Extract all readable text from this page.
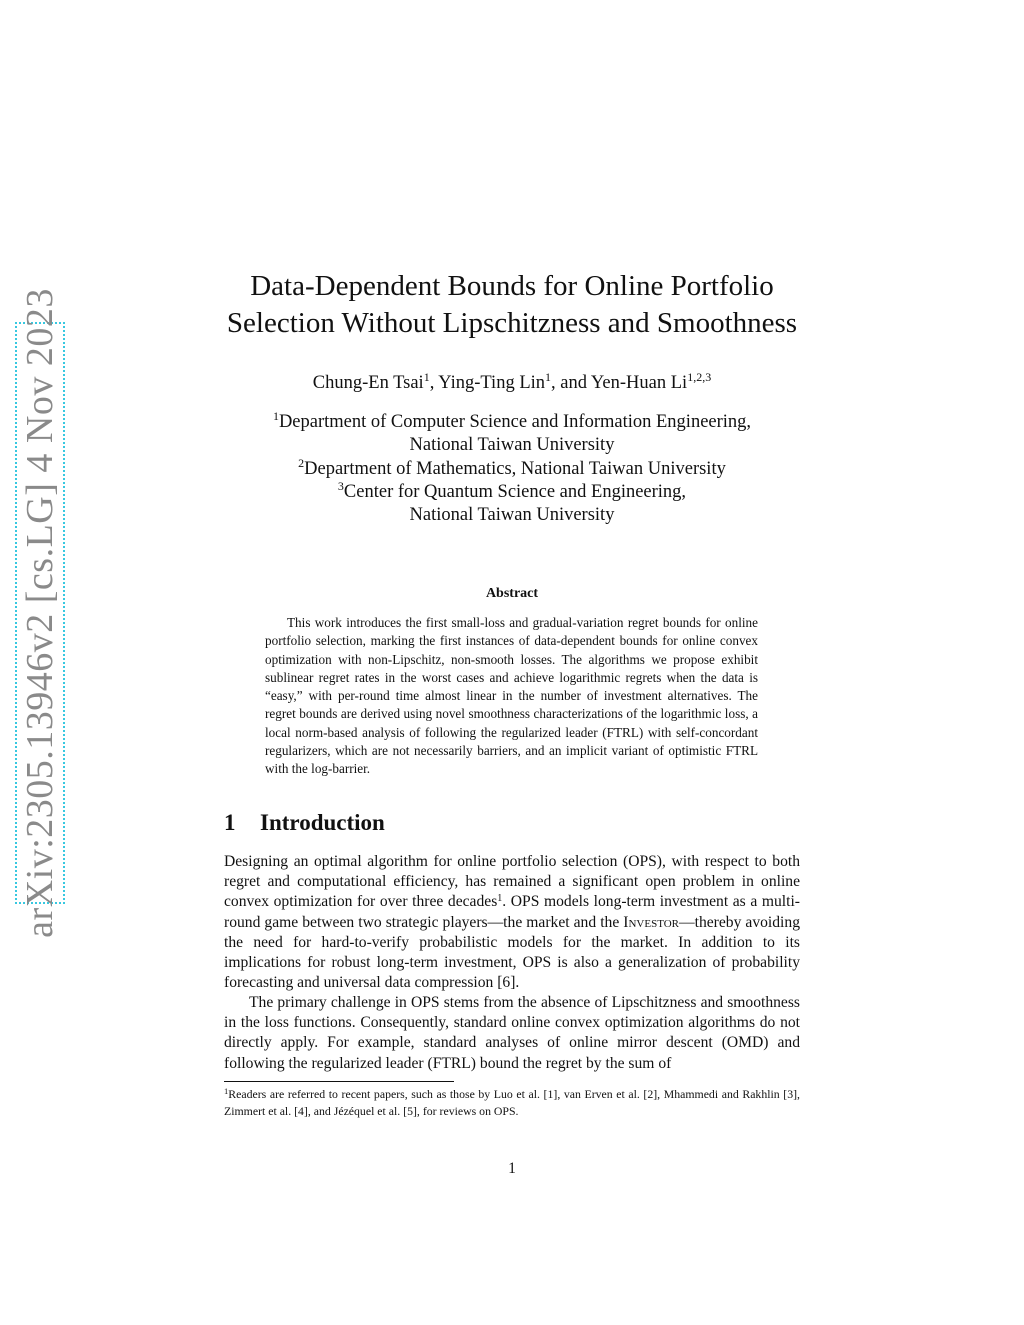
arXiv:2305.13946v2 [cs.LG] 4 Nov 2023
Data-Dependent Bounds for Online Portfolio
Selection Without Lipschitzness and Smoothness
Chung-En Tsai$^1$, Ying-Ting Lin$^1$, and Yen-Huan Li$^{1,2,3}$
$^1$Department of Computer Science and Information Engineering,
National Taiwan University
$^2$Department of Mathematics, National Taiwan University
$^3$Center for Quantum Science and Engineering,
National Taiwan University
Abstract

This work introduces the first small-loss and gradual-variation regret bounds for online portfolio selection, marking the first instances of data-dependent bounds for online convex optimization with non-Lipschitz, non-smooth losses. The algorithms we propose exhibit sublinear regret rates in the worst cases and achieve logarithmic regrets when the data is “easy,” with per-round time almost linear in the number of investment alternatives. The regret bounds are derived using novel smoothness characterizations of the logarithmic loss, a local norm-based analysis of following the regularized leader (FTRL) with self-concordant regularizers, which are not necessarily barriers, and an implicit variant of optimistic FTRL with the log-barrier.

1 Introduction

Designing an optimal algorithm for online portfolio selection (OPS), with respect to both regret and computational efficiency, has remained a significant open problem in online convex optimization for over three decades$^1$. OPS models long-term investment as a multi-round game between two strategic players—the market and the Investor—thereby avoiding the need for hard-to-verify probabilistic models for the market. In addition to its implications for robust long-term investment, OPS is also a generalization of probability forecasting and universal data compression [6].

The primary challenge in OPS stems from the absence of Lipschitzness and smoothness in the loss functions. Consequently, standard online convex optimization algorithms do not directly apply. For example, standard analyses of online mirror descent (OMD) and following the regularized leader (FTRL) bound the regret by the sum of

$^1$Readers are referred to recent papers, such as those by Luo et al. [1], van Erven et al. [2], Mhammedi and Rakhlin [3], Zimmert et al. [4], and Jézéquel et al. [5], for reviews on OPS.

1
